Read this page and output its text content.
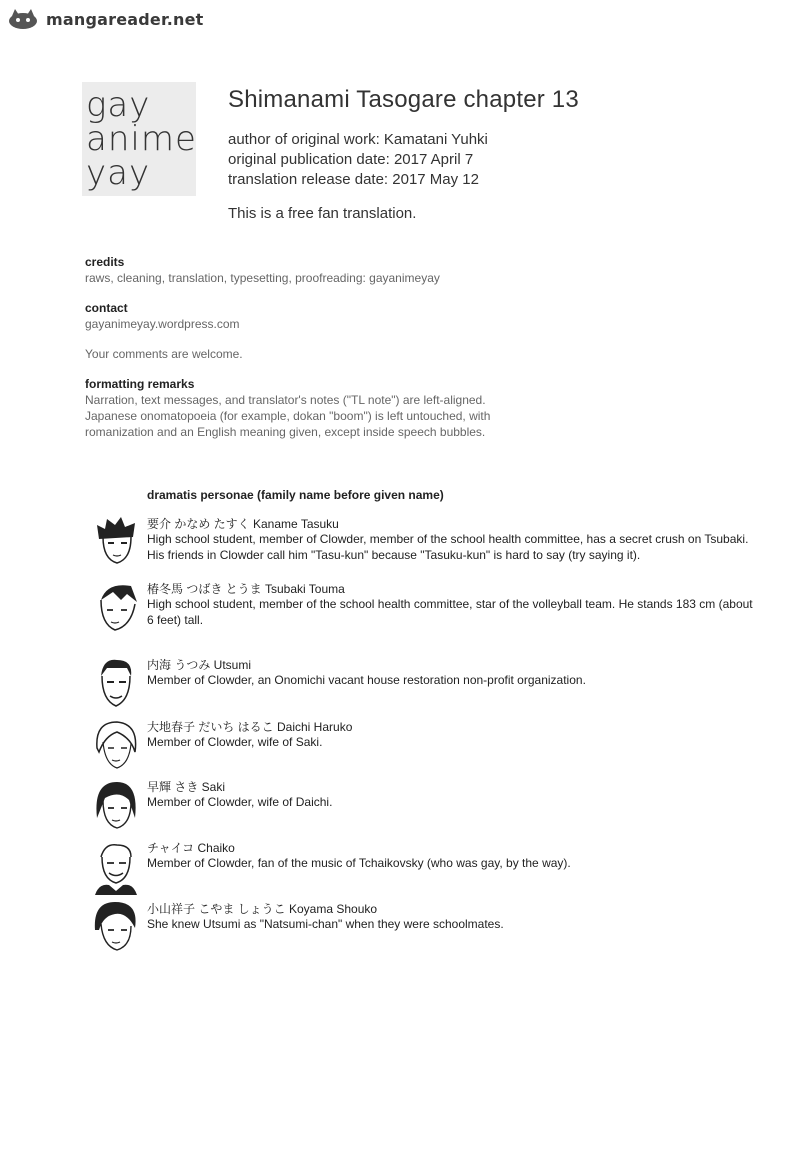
mangareader.net
gay
anime
yay
Shimanami Tasogare chapter 13
author of original work: Kamatani Yuhki
original publication date: 2017 April 7
translation release date: 2017 May 12
This is a free fan translation.
credits
raws, cleaning, translation, typesetting, proofreading: gayanimeyay
contact
gayanimeyay.wordpress.com
Your comments are welcome.
formatting remarks
Narration, text messages, and translator's notes ("TL note") are left-aligned.
Japanese onomatopoeia (for example, dokan "boom") is left untouched, with
romanization and an English meaning given, except inside speech bubbles.
dramatis personae (family name before given name)
要介 かなめ たすく Kaname Tasuku
High school student, member of Clowder, member of the school health committee, has a secret crush on Tsubaki. His friends in Clowder call him "Tasu-kun" because "Tasuku-kun" is hard to say (try saying it).
椿冬馬 つばき とうま Tsubaki Touma
High school student, member of the school health committee, star of the volleyball team. He stands 183 cm (about 6 feet) tall.
内海 うつみ Utsumi
Member of Clowder, an Onomichi vacant house restoration non-profit organization.
大地春子 だいち はるこ Daichi Haruko
Member of Clowder, wife of Saki.
早輝 さき Saki
Member of Clowder, wife of Daichi.
チャイコ Chaiko
Member of Clowder, fan of the music of Tchaikovsky (who was gay, by the way).
小山祥子 こやま しょうこ Koyama Shouko
She knew Utsumi as "Natsumi-chan" when they were schoolmates.
